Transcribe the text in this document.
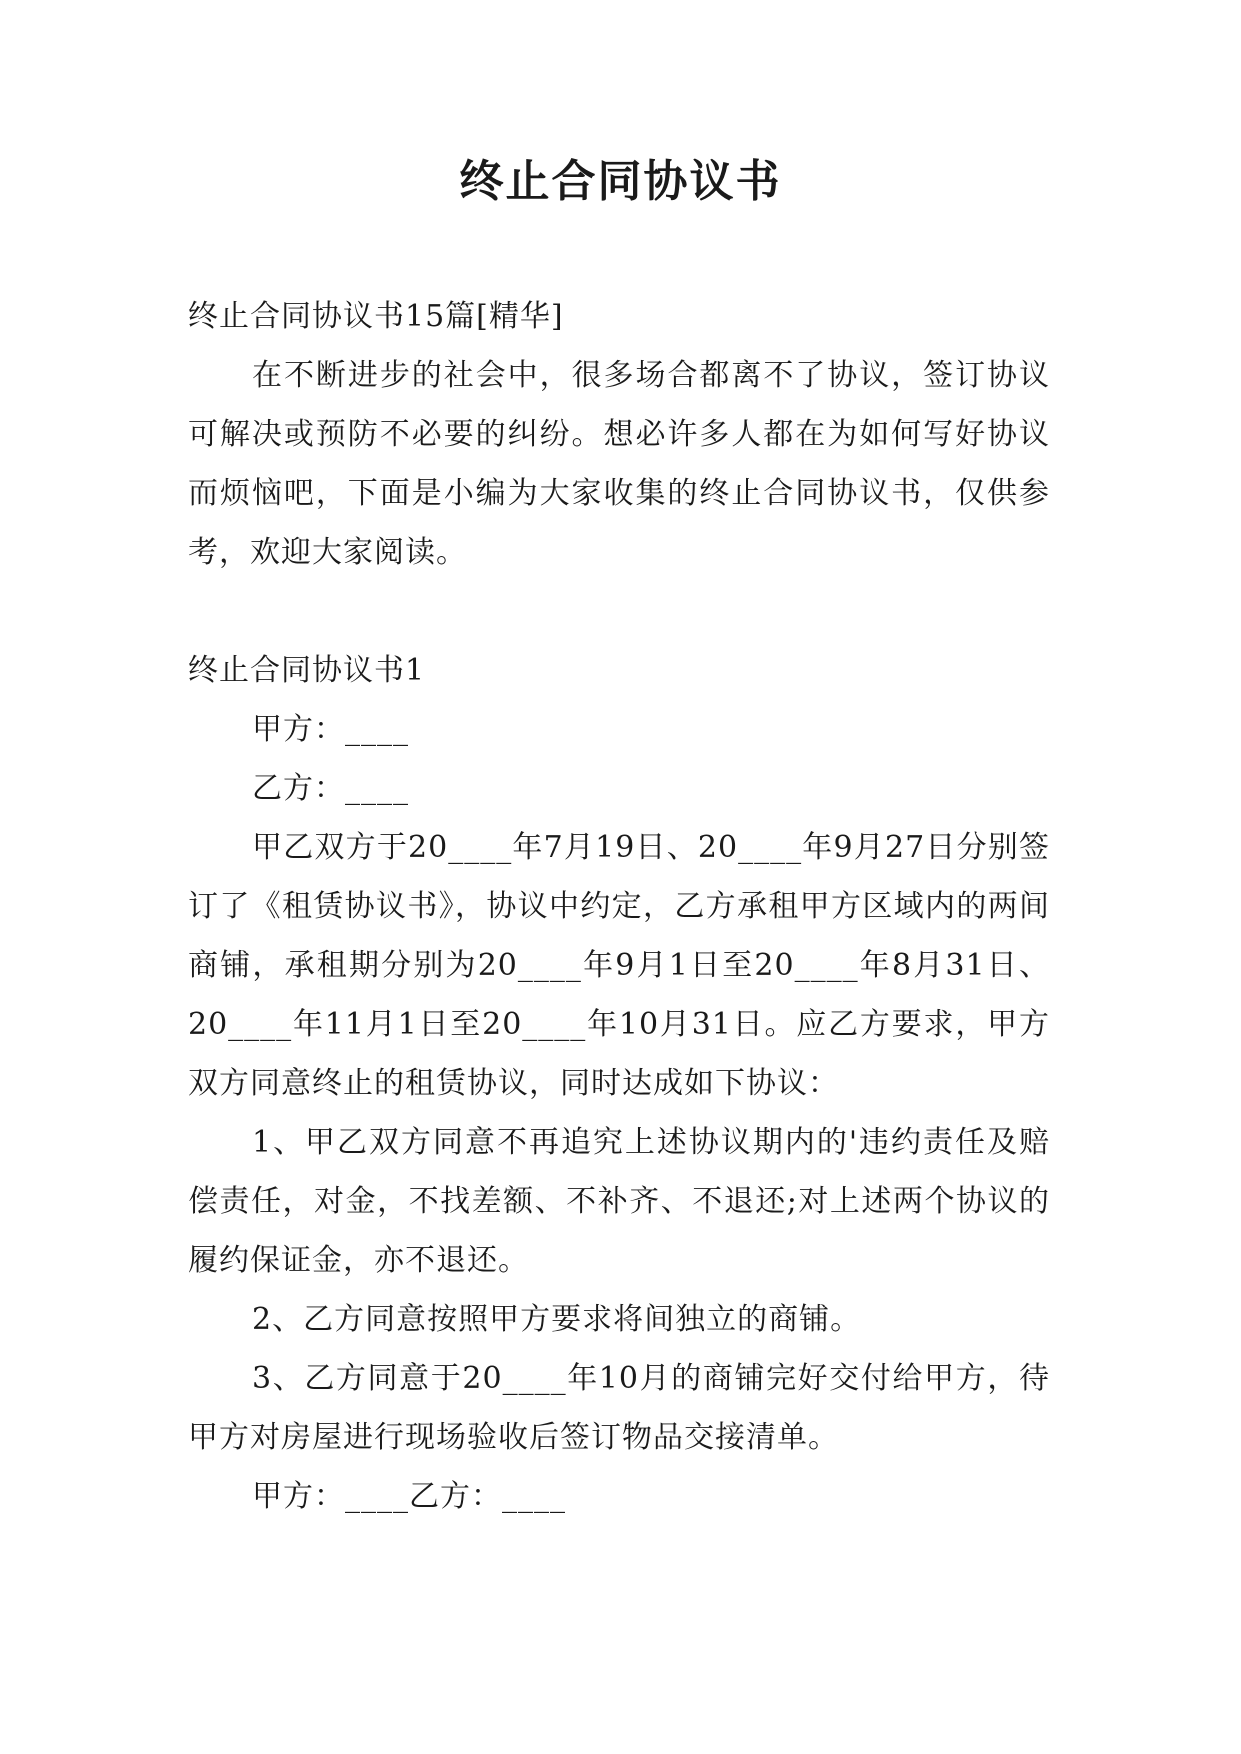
终止合同协议书

终止合同协议书15篇[精华]

在不断进步的社会中，很多场合都离不了协议，签订协议可解决或预防不必要的纠纷。想必许多人都在为如何写好协议而烦恼吧，下面是小编为大家收集的终止合同协议书，仅供参考，欢迎大家阅读。

终止合同协议书1

甲方：____

乙方：____

甲乙双方于20____年7月19日、20____年9月27日分别签订了《租赁协议书》，协议中约定，乙方承租甲方区域内的两间商铺，承租期分别为20____年9月1日至20____年8月31日、20____年11月1日至20____年10月31日。应乙方要求，甲方双方同意终止的租赁协议，同时达成如下协议：

1、甲乙双方同意不再追究上述协议期内的'违约责任及赔偿责任，对金，不找差额、不补齐、不退还;对上述两个协议的履约保证金，亦不退还。

2、乙方同意按照甲方要求将间独立的商铺。

3、乙方同意于20____年10月的商铺完好交付给甲方，待甲方对房屋进行现场验收后签订物品交接清单。

甲方：____乙方：____
